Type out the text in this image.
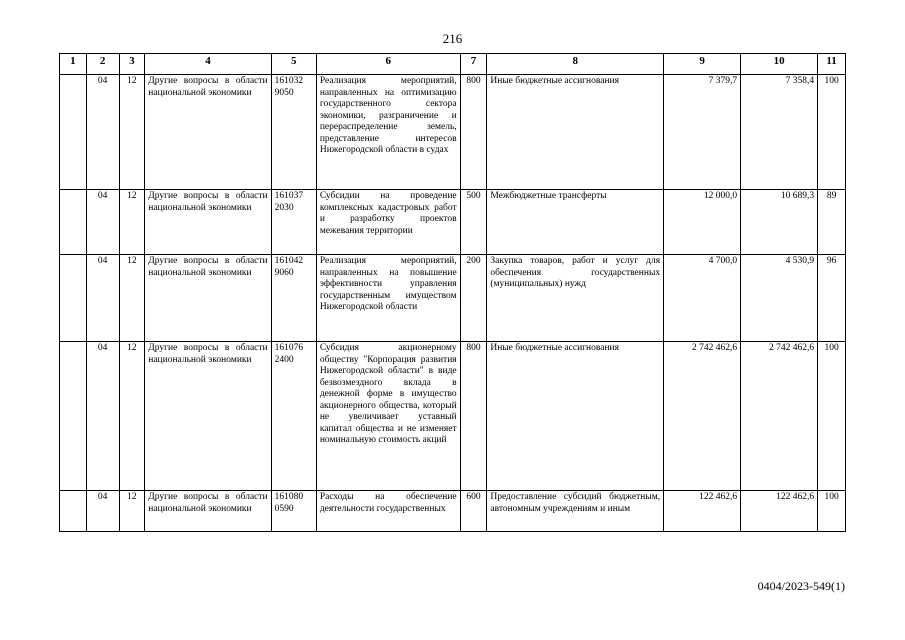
216
1	2	3	4	5	6	7	8	9	10	11
	04	12	Другие вопросы в области национальной экономики	161032 9050	Реализация мероприятий, направленных на оптимизацию государственного сектора экономики, разграничение и перераспределение земель, представление интересов Нижегородской области в судах	800	Иные бюджетные ассигнования	7 379,7	7 358,4	100
	04	12	Другие вопросы в области национальной экономики	161037 2030	Субсидии на проведение комплексных кадастровых работ и разработку проектов межевания территории	500	Межбюджетные трансферты	12 000,0	10 689,3	89
	04	12	Другие вопросы в области национальной экономики	161042 9060	Реализация мероприятий, направленных на повышение эффективности управления государственным имуществом Нижегородской области	200	Закупка товаров, работ и услуг для обеспечения государственных (муниципальных) нужд	4 700,0	4 530,9	96
	04	12	Другие вопросы в области национальной экономики	161076 2400	Субсидия акционерному обществу "Корпорация развития Нижегородской области" в виде безвозмездного вклада в денежной форме в имущество акционерного общества, который не увеличивает уставный капитал общества и не изменяет номинальную стоимость акций	800	Иные бюджетные ассигнования	2 742 462,6	2 742 462,6	100
	04	12	Другие вопросы в области национальной экономики	161080 0590	Расходы на обеспечение деятельности государственных	600	Предоставление субсидий бюджетным, автономным учреждениям и иным	122 462,6	122 462,6	100
0404/2023-549(1)
